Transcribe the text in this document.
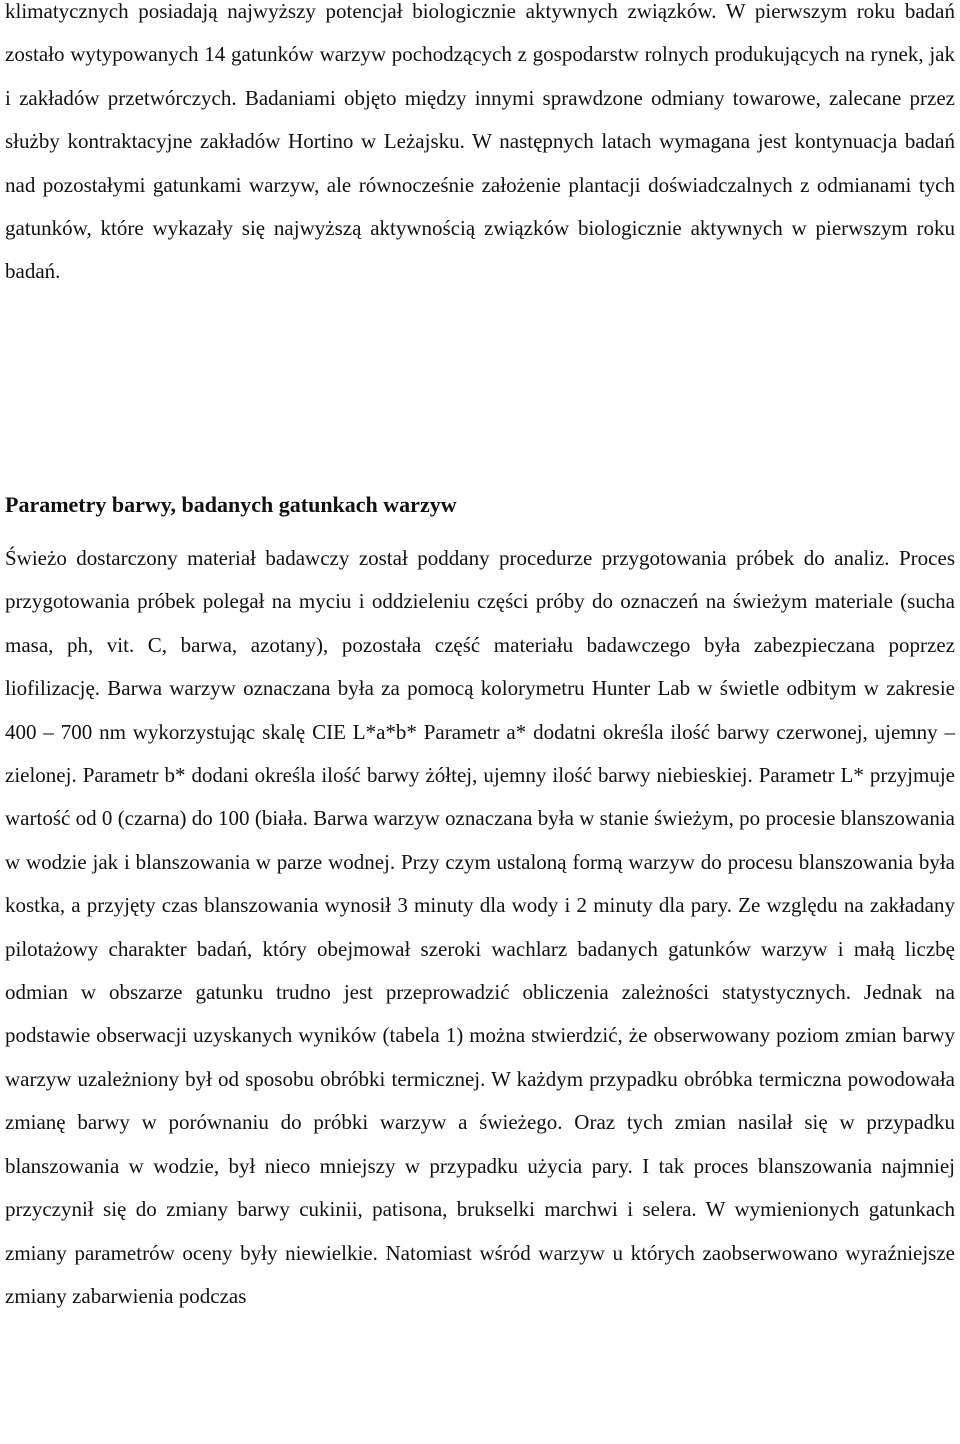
klimatycznych posiadają najwyższy potencjał biologicznie aktywnych związków. W pierwszym roku badań zostało wytypowanych 14 gatunków warzyw pochodzących z gospodarstw rolnych produkujących na rynek, jak i zakładów przetwórczych. Badaniami objęto między innymi sprawdzone odmiany towarowe, zalecane przez służby kontraktacyjne zakładów Hortino w Leżajsku. W następnych latach wymagana jest kontynuacja badań nad pozostałymi gatunkami warzyw, ale równocześnie założenie plantacji doświadczalnych z odmianami tych gatunków, które wykazały się najwyższą aktywnością związków biologicznie aktywnych w pierwszym roku badań.

Parametry barwy, badanych gatunkach warzyw

Świeżo dostarczony materiał badawczy został poddany procedurze przygotowania próbek do analiz. Proces przygotowania próbek polegał na myciu i oddzieleniu części próby do oznaczeń na świeżym materiale (sucha masa, ph, vit. C, barwa, azotany), pozostała część materiału badawczego była zabezpieczana poprzez liofilizację. Barwa warzyw oznaczana była za pomocą kolorymetru Hunter Lab w świetle odbitym w zakresie 400 – 700 nm wykorzystując skalę CIE L*a*b* Parametr a* dodatni określa ilość barwy czerwonej, ujemny – zielonej. Parametr b* dodani określa ilość barwy żółtej, ujemny ilość barwy niebieskiej. Parametr L* przyjmuje wartość od 0 (czarna) do 100 (biała. Barwa warzyw oznaczana była w stanie świeżym, po procesie blanszowania w wodzie jak i blanszowania w parze wodnej. Przy czym ustaloną formą warzyw do procesu blanszowania była kostka, a przyjęty czas blanszowania wynosił 3 minuty dla wody i 2 minuty dla pary. Ze względu na zakładany pilotażowy charakter badań, który obejmował szeroki wachlarz badanych gatunków warzyw i małą liczbę odmian w obszarze gatunku trudno jest przeprowadzić obliczenia zależności statystycznych. Jednak na podstawie obserwacji uzyskanych wyników (tabela 1) można stwierdzić, że obserwowany poziom zmian barwy warzyw uzależniony był od sposobu obróbki termicznej. W każdym przypadku obróbka termiczna powodowała zmianę barwy w porównaniu do próbki warzyw a świeżego. Oraz tych zmian nasilał się w przypadku blanszowania w wodzie, był nieco mniejszy w przypadku użycia pary. I tak proces blanszowania najmniej przyczynił się do zmiany barwy cukinii, patisona, brukselki marchwi i selera. W wymienionych gatunkach zmiany parametrów oceny były niewielkie. Natomiast wśród warzyw u których zaobserwowano wyraźniejsze zmiany zabarwienia podczas
